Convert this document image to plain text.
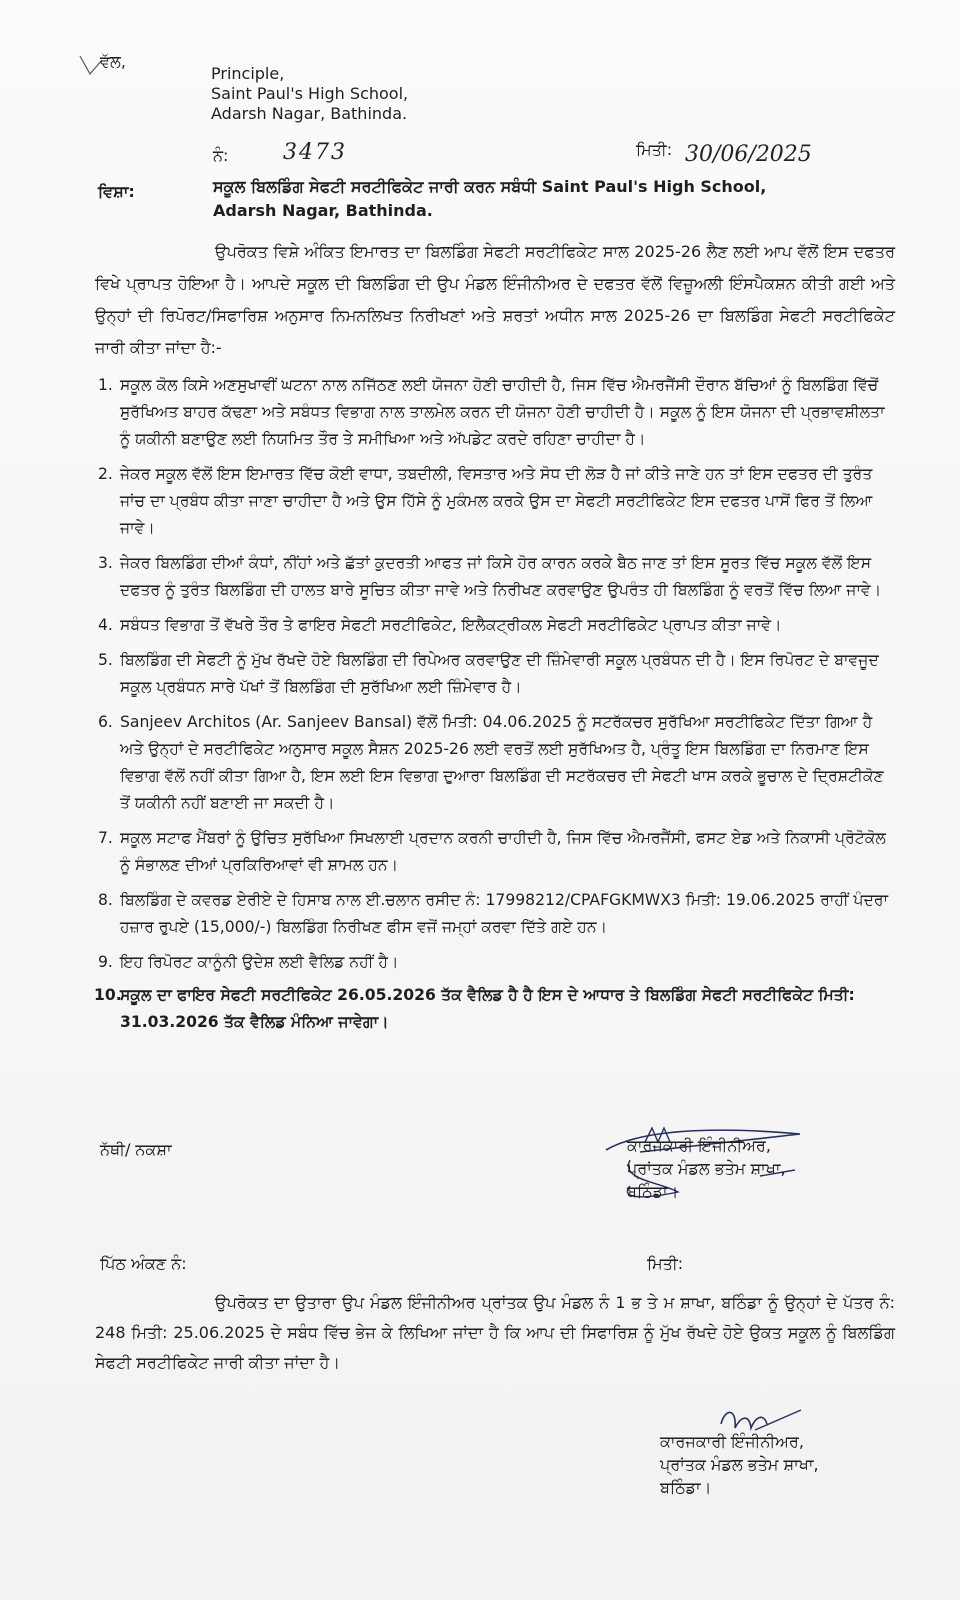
ਵੱਲ,
Principle,
Saint Paul's High School,
Adarsh Nagar, Bathinda.
ਨੰ: 3473	ਮਿਤੀ: 30/06/2025
ਵਿਸ਼ਾ:	ਸਕੂਲ ਬਿਲਡਿੰਗ ਸੇਫਟੀ ਸਰਟੀਫਿਕੇਟ ਜਾਰੀ ਕਰਨ ਸਬੰਧੀ Saint Paul's High School,
Adarsh Nagar, Bathinda.
ਉਪਰੋਕਤ ਵਿਸ਼ੇ ਅੰਕਿਤ ਇਮਾਰਤ ਦਾ ਬਿਲਡਿੰਗ ਸੇਫਟੀ ਸਰਟੀਫਿਕੇਟ ਸਾਲ 2025-26 ਲੈਣ ਲਈ ਆਪ ਵੱਲੋਂ ਇਸ ਦਫਤਰ ਵਿਖੇ ਪ੍ਰਾਪਤ ਹੋਇਆ ਹੈ। ਆਪਦੇ ਸਕੂਲ ਦੀ ਬਿਲਡਿੰਗ ਦੀ ਉਪ ਮੰਡਲ ਇੰਜੀਨੀਅਰ ਦੇ ਦਫਤਰ ਵੱਲੋਂ ਵਿਜ਼ੂਅਲੀ ਇੰਸਪੈਕਸ਼ਨ ਕੀਤੀ ਗਈ ਅਤੇ ਉਨ੍ਹਾਂ ਦੀ ਰਿਪੋਰਟ/ਸਿਫਾਰਿਸ਼ ਅਨੁਸਾਰ ਨਿਮਨਲਿਖਤ ਨਿਰੀਖਣਾਂ ਅਤੇ ਸ਼ਰਤਾਂ ਅਧੀਨ ਸਾਲ 2025-26 ਦਾ ਬਿਲਡਿੰਗ ਸੇਫਟੀ ਸਰਟੀਫਿਕੇਟ ਜਾਰੀ ਕੀਤਾ ਜਾਂਦਾ ਹੈ:-
1. ਸਕੂਲ ਕੋਲ ਕਿਸੇ ਅਣਸੁਖਾਵੀਂ ਘਟਨਾ ਨਾਲ ਨਜਿੱਠਣ ਲਈ ਯੋਜਨਾ ਹੋਣੀ ਚਾਹੀਦੀ ਹੈ, ਜਿਸ ਵਿੱਚ ਐਮਰਜੈਂਸੀ ਦੌਰਾਨ ਬੱਚਿਆਂ ਨੂੰ ਬਿਲਡਿੰਗ ਵਿੱਚੋਂ ਸੁਰੱਖਿਅਤ ਬਾਹਰ ਕੱਢਣਾ ਅਤੇ ਸਬੰਧਤ ਵਿਭਾਗ ਨਾਲ ਤਾਲਮੇਲ ਕਰਨ ਦੀ ਯੋਜਨਾ ਹੋਣੀ ਚਾਹੀਦੀ ਹੈ। ਸਕੂਲ ਨੂੰ ਇਸ ਯੋਜਨਾ ਦੀ ਪ੍ਰਭਾਵਸ਼ੀਲਤਾ ਨੂੰ ਯਕੀਨੀ ਬਣਾਉਣ ਲਈ ਨਿਯਮਿਤ ਤੌਰ ਤੇ ਸਮੀਖਿਆ ਅਤੇ ਅੱਪਡੇਟ ਕਰਦੇ ਰਹਿਣਾ ਚਾਹੀਦਾ ਹੈ।
2. ਜੇਕਰ ਸਕੂਲ ਵੱਲੋਂ ਇਸ ਇਮਾਰਤ ਵਿੱਚ ਕੋਈ ਵਾਧਾ, ਤਬਦੀਲੀ, ਵਿਸਤਾਰ ਅਤੇ ਸੋਧ ਦੀ ਲੋੜ ਹੈ ਜਾਂ ਕੀਤੇ ਜਾਣੇ ਹਨ ਤਾਂ ਇਸ ਦਫਤਰ ਦੀ ਤੁਰੰਤ ਜਾਂਚ ਦਾ ਪ੍ਰਬੰਧ ਕੀਤਾ ਜਾਣਾ ਚਾਹੀਦਾ ਹੈ ਅਤੇ ਉਸ ਹਿੱਸੇ ਨੂੰ ਮੁਕੰਮਲ ਕਰਕੇ ਉਸ ਦਾ ਸੇਫਟੀ ਸਰਟੀਫਿਕੇਟ ਇਸ ਦਫਤਰ ਪਾਸੋਂ ਫਿਰ ਤੋਂ ਲਿਆ ਜਾਵੇ।
3. ਜੇਕਰ ਬਿਲਡਿੰਗ ਦੀਆਂ ਕੰਧਾਂ, ਨੀਂਹਾਂ ਅਤੇ ਛੱਤਾਂ ਕੁਦਰਤੀ ਆਫਤ ਜਾਂ ਕਿਸੇ ਹੋਰ ਕਾਰਨ ਕਰਕੇ ਬੈਠ ਜਾਣ ਤਾਂ ਇਸ ਸੂਰਤ ਵਿੱਚ ਸਕੂਲ ਵੱਲੋਂ ਇਸ ਦਫਤਰ ਨੂੰ ਤੁਰੰਤ ਬਿਲਡਿੰਗ ਦੀ ਹਾਲਤ ਬਾਰੇ ਸੂਚਿਤ ਕੀਤਾ ਜਾਵੇ ਅਤੇ ਨਿਰੀਖਣ ਕਰਵਾਉਣ ਉਪਰੰਤ ਹੀ ਬਿਲਡਿੰਗ ਨੂੰ ਵਰਤੋਂ ਵਿੱਚ ਲਿਆ ਜਾਵੇ।
4. ਸਬੰਧਤ ਵਿਭਾਗ ਤੋਂ ਵੱਖਰੇ ਤੌਰ ਤੇ ਫਾਇਰ ਸੇਫਟੀ ਸਰਟੀਫਿਕੇਟ, ਇਲੈਕਟ੍ਰੀਕਲ ਸੇਫਟੀ ਸਰਟੀਫਿਕੇਟ ਪ੍ਰਾਪਤ ਕੀਤਾ ਜਾਵੇ।
5. ਬਿਲਡਿੰਗ ਦੀ ਸੇਫਟੀ ਨੂੰ ਮੁੱਖ ਰੱਖਦੇ ਹੋਏ ਬਿਲਡਿੰਗ ਦੀ ਰਿਪੇਅਰ ਕਰਵਾਉਣ ਦੀ ਜ਼ਿੰਮੇਵਾਰੀ ਸਕੂਲ ਪ੍ਰਬੰਧਨ ਦੀ ਹੈ। ਇਸ ਰਿਪੋਰਟ ਦੇ ਬਾਵਜੂਦ ਸਕੂਲ ਪ੍ਰਬੰਧਨ ਸਾਰੇ ਪੱਖਾਂ ਤੋਂ ਬਿਲਡਿੰਗ ਦੀ ਸੁਰੱਖਿਆ ਲਈ ਜ਼ਿੰਮੇਵਾਰ ਹੈ।
6. Sanjeev Architos (Ar. Sanjeev Bansal) ਵੱਲੋਂ ਮਿਤੀ: 04.06.2025 ਨੂੰ ਸਟਰੱਕਚਰ ਸੁਰੱਖਿਆ ਸਰਟੀਫਿਕੇਟ ਦਿੱਤਾ ਗਿਆ ਹੈ ਅਤੇ ਉਨ੍ਹਾਂ ਦੇ ਸਰਟੀਫਿਕੇਟ ਅਨੁਸਾਰ ਸਕੂਲ ਸੈਸ਼ਨ 2025-26 ਲਈ ਵਰਤੋਂ ਲਈ ਸੁਰੱਖਿਅਤ ਹੈ, ਪ੍ਰੰਤੂ ਇਸ ਬਿਲਡਿੰਗ ਦਾ ਨਿਰਮਾਣ ਇਸ ਵਿਭਾਗ ਵੱਲੋਂ ਨਹੀਂ ਕੀਤਾ ਗਿਆ ਹੈ, ਇਸ ਲਈ ਇਸ ਵਿਭਾਗ ਦੁਆਰਾ ਬਿਲਡਿੰਗ ਦੀ ਸਟਰੱਕਚਰ ਦੀ ਸੇਫਟੀ ਖਾਸ ਕਰਕੇ ਭੂਚਾਲ ਦੇ ਦ੍ਰਿਸ਼ਟੀਕੋਣ ਤੋਂ ਯਕੀਨੀ ਨਹੀਂ ਬਣਾਈ ਜਾ ਸਕਦੀ ਹੈ।
7. ਸਕੂਲ ਸਟਾਫ ਮੈਂਬਰਾਂ ਨੂੰ ਉਚਿਤ ਸੁਰੱਖਿਆ ਸਿਖਲਾਈ ਪ੍ਰਦਾਨ ਕਰਨੀ ਚਾਹੀਦੀ ਹੈ, ਜਿਸ ਵਿੱਚ ਐਮਰਜੈਂਸੀ, ਫਸਟ ਏਡ ਅਤੇ ਨਿਕਾਸੀ ਪ੍ਰੋਟੋਕੋਲ ਨੂੰ ਸੰਭਾਲਣ ਦੀਆਂ ਪ੍ਰਕਿਰਿਆਵਾਂ ਵੀ ਸ਼ਾਮਲ ਹਨ।
8. ਬਿਲਡਿੰਗ ਦੇ ਕਵਰਡ ਏਰੀਏ ਦੇ ਹਿਸਾਬ ਨਾਲ ਈ.ਚਲਾਨ ਰਸੀਦ ਨੰ: 17998212/CPAFGKMWX3 ਮਿਤੀ: 19.06.2025 ਰਾਹੀਂ ਪੰਦਰਾ ਹਜ਼ਾਰ ਰੁਪਏ (15,000/-) ਬਿਲਡਿੰਗ ਨਿਰੀਖਣ ਫੀਸ ਵਜੋਂ ਜਮ੍ਹਾਂ ਕਰਵਾ ਦਿੱਤੇ ਗਏ ਹਨ।
9. ਇਹ ਰਿਪੋਰਟ ਕਾਨੂੰਨੀ ਉਦੇਸ਼ ਲਈ ਵੈਲਿਡ ਨਹੀਂ ਹੈ।
10.
ਸਕੂਲ ਦਾ ਫਾਇਰ ਸੇਫਟੀ ਸਰਟੀਫਿਕੇਟ 26.05.2026 ਤੱਕ ਵੈਲਿਡ ਹੈ ਹੈ ਇਸ ਦੇ ਆਧਾਰ ਤੇ ਬਿਲਡਿੰਗ ਸੇਫਟੀ ਸਰਟੀਫਿਕੇਟ ਮਿਤੀ: 31.03.2026 ਤੱਕ ਵੈਲਿਡ ਮੰਨਿਆ ਜਾਵੇਗਾ।
ਨੱਥੀ/ ਨਕਸ਼ਾ	ਕਾਰਜਕਾਰੀ ਇੰਜੀਨੀਅਰ,
ਪ੍ਰਾਂਤਕ ਮੰਡਲ ਭਤੇਮ ਸ਼ਾਖਾ,
ਬਠਿੰਡਾ।
ਪਿੱਠ ਅੰਕਣ ਨੰ:	ਮਿਤੀ:
ਉਪਰੋਕਤ ਦਾ ਉਤਾਰਾ ਉਪ ਮੰਡਲ ਇੰਜੀਨੀਅਰ ਪ੍ਰਾਂਤਕ ਉਪ ਮੰਡਲ ਨੰ 1 ਭ ਤੇ ਮ ਸ਼ਾਖਾ, ਬਠਿੰਡਾ ਨੂੰ ਉਨ੍ਹਾਂ ਦੇ ਪੱਤਰ ਨੰ: 248 ਮਿਤੀ: 25.06.2025 ਦੇ ਸਬੰਧ ਵਿੱਚ ਭੇਜ ਕੇ ਲਿਖਿਆ ਜਾਂਦਾ ਹੈ ਕਿ ਆਪ ਦੀ ਸਿਫਾਰਿਸ਼ ਨੂੰ ਮੁੱਖ ਰੱਖਦੇ ਹੋਏ ਉਕਤ ਸਕੂਲ ਨੂੰ ਬਿਲਡਿੰਗ ਸੇਫਟੀ ਸਰਟੀਫਿਕੇਟ ਜਾਰੀ ਕੀਤਾ ਜਾਂਦਾ ਹੈ।
ਕਾਰਜਕਾਰੀ ਇੰਜੀਨੀਅਰ,
ਪ੍ਰਾਂਤਕ ਮੰਡਲ ਭਤੇਮ ਸ਼ਾਖਾ,
ਬਠਿੰਡਾ।
